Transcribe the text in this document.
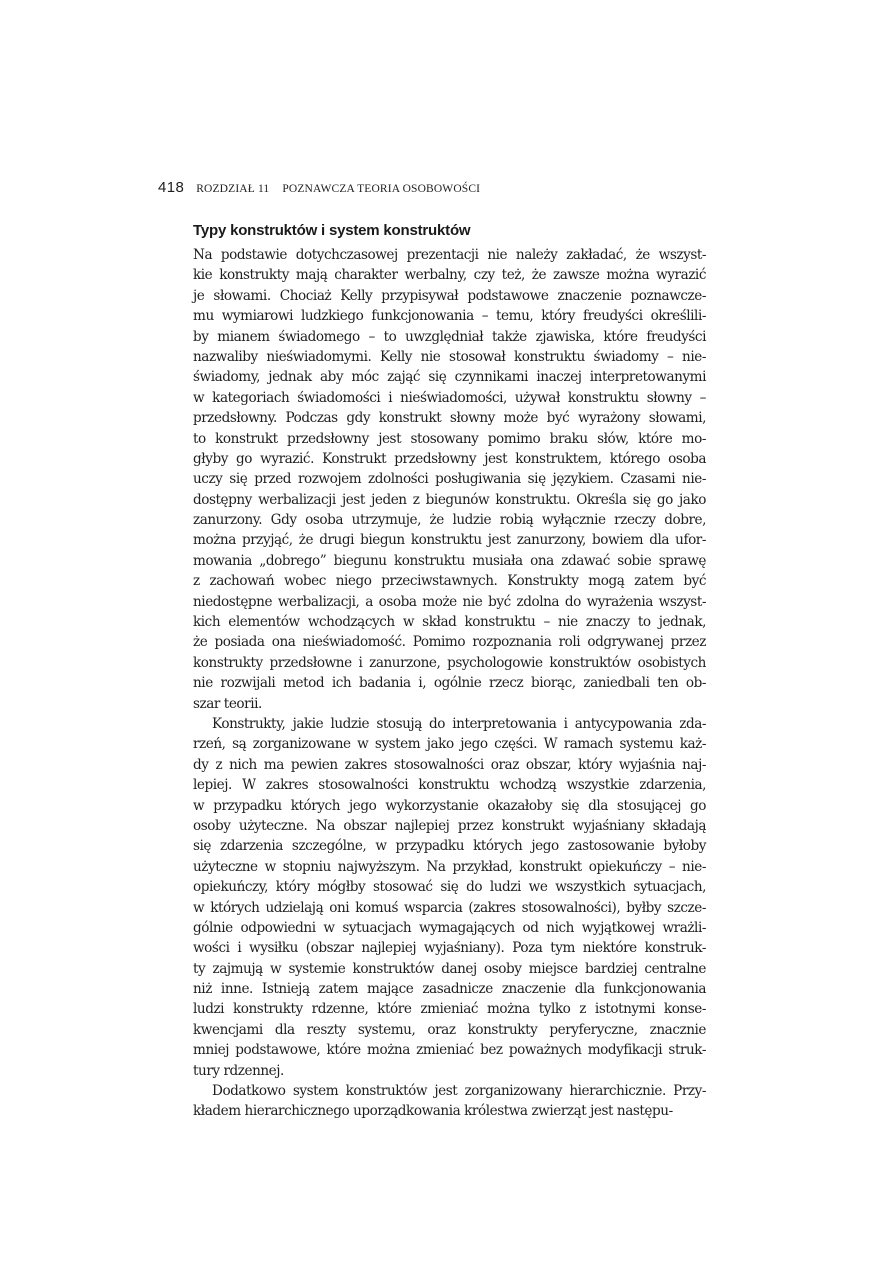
418 ROZDZIAŁ 11 POZNAWCZA TEORIA OSOBOWOŚCI
Typy konstruktów i system konstruktów
Na podstawie dotychczasowej prezentacji nie należy zakładać, że wszyst-
kie konstrukty mają charakter werbalny, czy też, że zawsze można wyrazić
je słowami. Chociaż Kelly przypisywał podstawowe znaczenie poznawcze-
mu wymiarowi ludzkiego funkcjonowania – temu, który freudyści określili-
by mianem świadomego – to uwzględniał także zjawiska, które freudyści
nazwaliby nieświadomymi. Kelly nie stosował konstruktu świadomy – nie-
świadomy, jednak aby móc zająć się czynnikami inaczej interpretowanymi
w kategoriach świadomości i nieświadomości, używał konstruktu słowny –
przedsłowny. Podczas gdy konstrukt słowny może być wyrażony słowami,
to konstrukt przedsłowny jest stosowany pomimo braku słów, które mo-
głyby go wyrazić. Konstrukt przedsłowny jest konstruktem, którego osoba
uczy się przed rozwojem zdolności posługiwania się językiem. Czasami nie-
dostępny werbalizacji jest jeden z biegunów konstruktu. Określa się go jako
zanurzony. Gdy osoba utrzymuje, że ludzie robią wyłącznie rzeczy dobre,
można przyjąć, że drugi biegun konstruktu jest zanurzony, bowiem dla ufor-
mowania „dobrego” biegunu konstruktu musiała ona zdawać sobie sprawę
z zachowań wobec niego przeciwstawnych. Konstrukty mogą zatem być
niedostępne werbalizacji, a osoba może nie być zdolna do wyrażenia wszyst-
kich elementów wchodzących w skład konstruktu – nie znaczy to jednak,
że posiada ona nieświadomość. Pomimo rozpoznania roli odgrywanej przez
konstrukty przedsłowne i zanurzone, psychologowie konstruktów osobistych
nie rozwijali metod ich badania i, ogólnie rzecz biorąc, zaniedbali ten ob-
szar teorii.
Konstrukty, jakie ludzie stosują do interpretowania i antycypowania zda-
rzeń, są zorganizowane w system jako jego części. W ramach systemu każ-
dy z nich ma pewien zakres stosowalności oraz obszar, który wyjaśnia naj-
lepiej. W zakres stosowalności konstruktu wchodzą wszystkie zdarzenia,
w przypadku których jego wykorzystanie okazałoby się dla stosującej go
osoby użyteczne. Na obszar najlepiej przez konstrukt wyjaśniany składają
się zdarzenia szczególne, w przypadku których jego zastosowanie byłoby
użyteczne w stopniu najwyższym. Na przykład, konstrukt opiekuńczy – nie-
opiekuńczy, który mógłby stosować się do ludzi we wszystkich sytuacjach,
w których udzielają oni komuś wsparcia (zakres stosowalności), byłby szcze-
gólnie odpowiedni w sytuacjach wymagających od nich wyjątkowej wrażli-
wości i wysiłku (obszar najlepiej wyjaśniany). Poza tym niektóre konstruk-
ty zajmują w systemie konstruktów danej osoby miejsce bardziej centralne
niż inne. Istnieją zatem mające zasadnicze znaczenie dla funkcjonowania
ludzi konstrukty rdzenne, które zmieniać można tylko z istotnymi konse-
kwencjami dla reszty systemu, oraz konstrukty peryferyczne, znacznie
mniej podstawowe, które można zmieniać bez poważnych modyfikacji struk-
tury rdzennej.
Dodatkowo system konstruktów jest zorganizowany hierarchicznie. Przy-
kładem hierarchicznego uporządkowania królestwa zwierząt jest następu-
